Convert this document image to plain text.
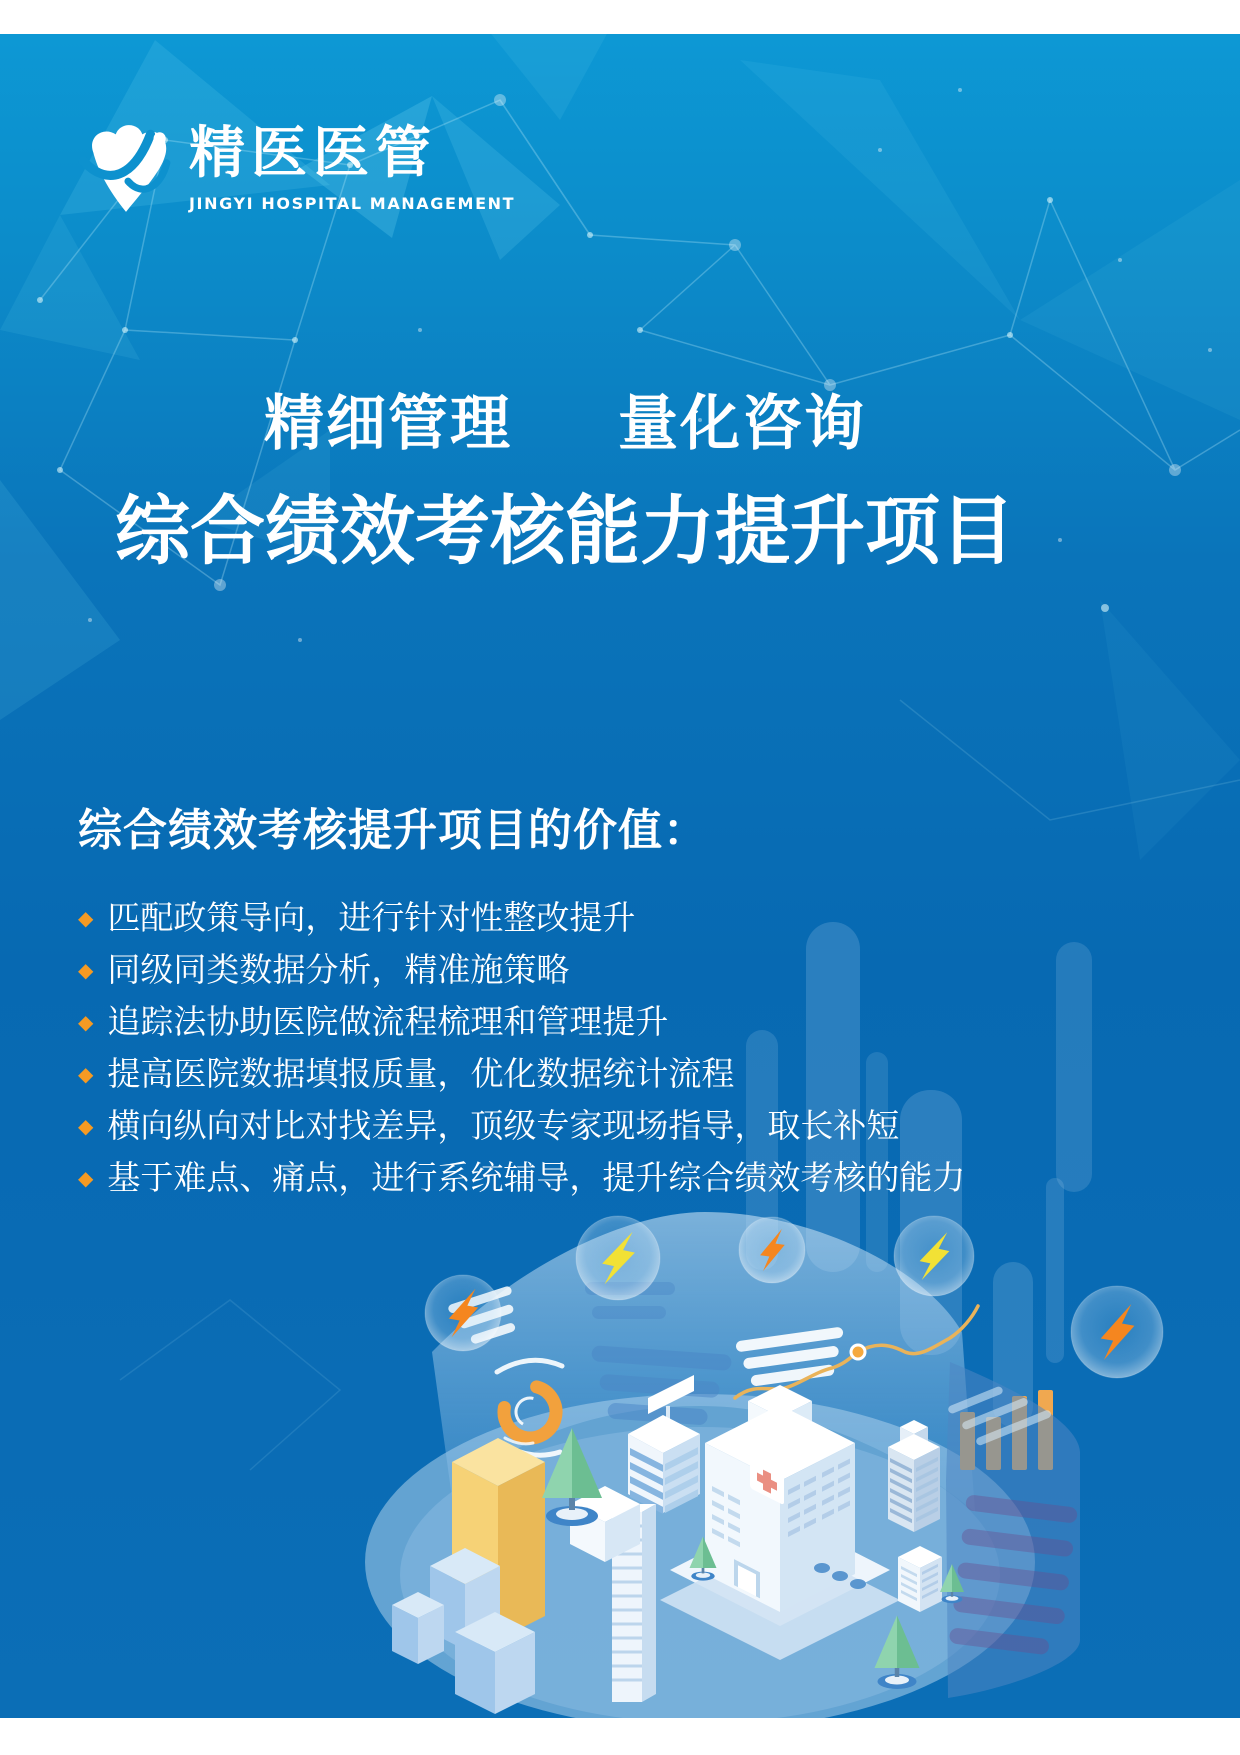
精医医管
JINGYI HOSPITAL MANAGEMENT
精细管理 量化咨询
综合绩效考核能力提升项目
综合绩效考核提升项目的价值：
◆ 匹配政策导向，进行针对性整改提升
◆ 同级同类数据分析，精准施策略
◆ 追踪法协助医院做流程梳理和管理提升
◆ 提高医院数据填报质量，优化数据统计流程
◆ 横向纵向对比对找差异，顶级专家现场指导，取长补短
◆ 基于难点、痛点，进行系统辅导，提升综合绩效考核的能力
